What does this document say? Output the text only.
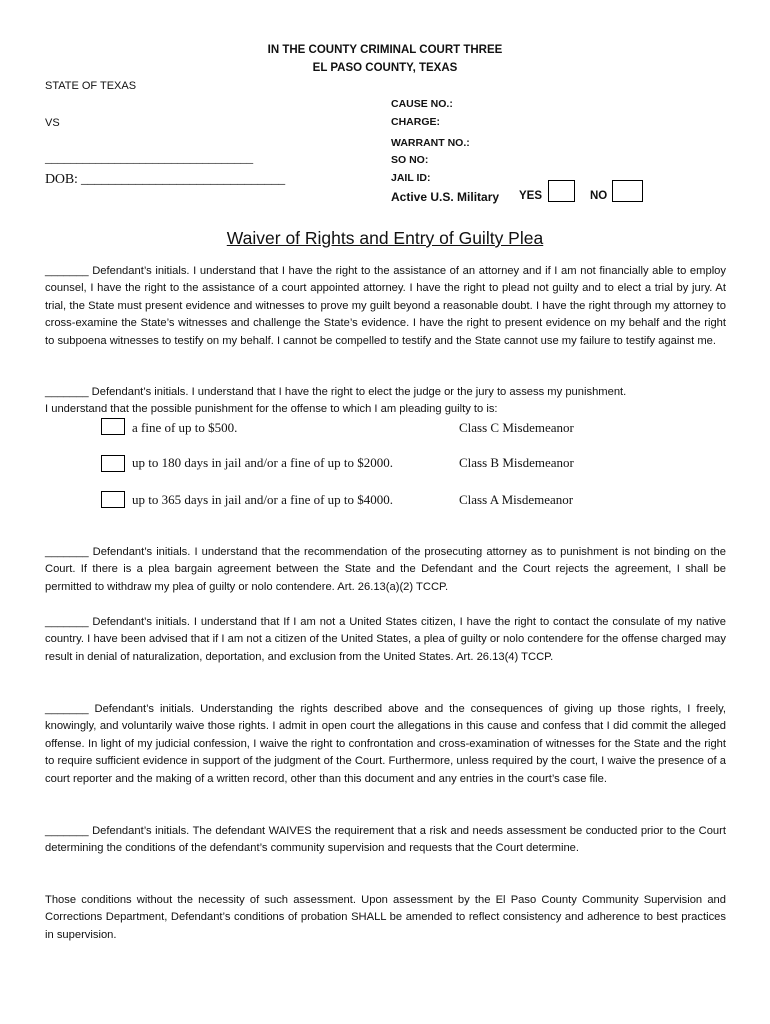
IN THE COUNTY CRIMINAL COURT THREE
EL PASO COUNTY, TEXAS
STATE OF TEXAS
VS
_________________________________
DOB: ______________________________
CAUSE NO.:
CHARGE:
WARRANT NO.:
SO NO:
JAIL ID:
Active U.S. Military YES	NO
Waiver of Rights and Entry of Guilty Plea

_______ Defendant’s initials. I understand that I have the right to the assistance of an attorney and if I am not financially able to employ counsel, I have the right to the assistance of a court appointed attorney. I have the right to plead not guilty and to elect a trial by jury. At trial, the State must present evidence and witnesses to prove my guilt beyond a reasonable doubt. I have the right through my attorney to cross-examine the State’s witnesses and challenge the State’s evidence. I have the right to present evidence on my behalf and the right to subpoena witnesses to testify on my behalf. I cannot be compelled to testify and the State cannot use my failure to testify against me.

_______ Defendant’s initials. I understand that I have the right to elect the judge or the jury to assess my punishment.
I understand that the possible punishment for the offense to which I am pleading guilty to is:
a fine of up to $500.	Class C Misdemeanor
up to 180 days in jail and/or a fine of up to $2000.	Class B Misdemeanor
up to 365 days in jail and/or a fine of up to $4000.	Class A Misdemeanor

_______ Defendant’s initials. I understand that the recommendation of the prosecuting attorney as to punishment is not binding on the Court. If there is a plea bargain agreement between the State and the Defendant and the Court rejects the agreement, I shall be permitted to withdraw my plea of guilty or nolo contendere. Art. 26.13(a)(2) TCCP.

_______ Defendant’s initials. I understand that If I am not a United States citizen, I have the right to contact the consulate of my native country. I have been advised that if I am not a citizen of the United States, a plea of guilty or nolo contendere for the offense charged may result in denial of naturalization, deportation, and exclusion from the United States. Art. 26.13(4) TCCP.

_______ Defendant’s initials. Understanding the rights described above and the consequences of giving up those rights, I freely, knowingly, and voluntarily waive those rights. I admit in open court the allegations in this cause and confess that I did commit the alleged offense. In light of my judicial confession, I waive the right to confrontation and cross-examination of witnesses for the State and the right to require sufficient evidence in support of the judgment of the Court. Furthermore, unless required by the court, I waive the presence of a court reporter and the making of a written record, other than this document and any entries in the court’s case file.

_______ Defendant’s initials. The defendant WAIVES the requirement that a risk and needs assessment be conducted prior to the Court determining the conditions of the defendant’s community supervision and requests that the Court determine.

Those conditions without the necessity of such assessment. Upon assessment by the El Paso County Community Supervision and Corrections Department, Defendant’s conditions of probation SHALL be amended to reflect consistency and adherence to best practices in supervision.
